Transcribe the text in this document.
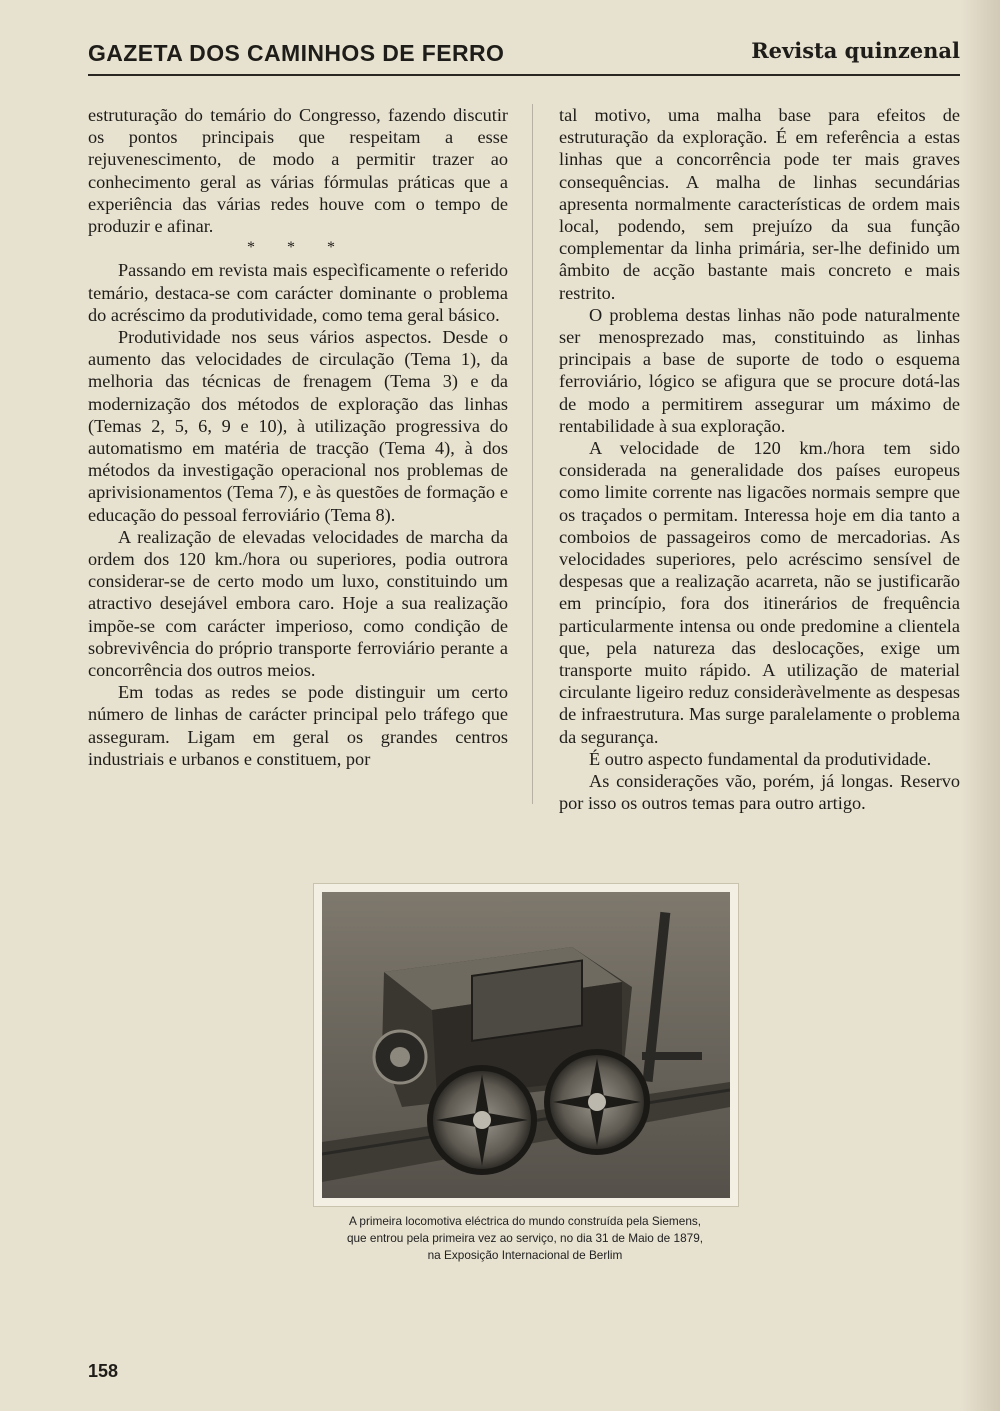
GAZETA DOS CAMINHOS DE FERRO	Revista quinzenal

estruturação do temário do Congresso, fazendo discutir os pontos principais que respeitam a esse rejuvenescimento, de modo a permitir trazer ao conhecimento geral as várias fórmulas práticas que a experiência das várias redes houve com o tempo de produzir e afinar.

* * *

Passando em revista mais especìficamente o referido temário, destaca-se com carácter dominante o problema do acréscimo da produtividade, como tema geral básico.

Produtividade nos seus vários aspectos. Desde o aumento das velocidades de circulação (Tema 1), da melhoria das técnicas de frenagem (Tema 3) e da modernização dos métodos de exploração das linhas (Temas 2, 5, 6, 9 e 10), à utilização progressiva do automatismo em matéria de tracção (Tema 4), à dos métodos da investigação operacional nos problemas de aprivisionamentos (Tema 7), e às questões de formação e educação do pessoal ferroviário (Tema 8).

A realização de elevadas velocidades de marcha da ordem dos 120 km./hora ou superiores, podia outrora considerar-se de certo modo um luxo, constituindo um atractivo desejável embora caro. Hoje a sua realização impõe-se com carácter imperioso, como condição de sobrevivência do próprio transporte ferroviário perante a concorrência dos outros meios.

Em todas as redes se pode distinguir um certo número de linhas de carácter principal pelo tráfego que asseguram. Ligam em geral os grandes centros industriais e urbanos e constituem, por

tal motivo, uma malha base para efeitos de estruturação da exploração. É em referência a estas linhas que a concorrência pode ter mais graves consequências. A malha de linhas secundárias apresenta normalmente características de ordem mais local, podendo, sem prejuízo da sua função complementar da linha primária, ser-lhe definido um âmbito de acção bastante mais concreto e mais restrito.

O problema destas linhas não pode naturalmente ser menosprezado mas, constituindo as linhas principais a base de suporte de todo o esquema ferroviário, lógico se afigura que se procure dotá-las de modo a permitirem assegurar um máximo de rentabilidade à sua exploração.

A velocidade de 120 km./hora tem sido considerada na generalidade dos países europeus como limite corrente nas ligacões normais sempre que os traçados o permitam. Interessa hoje em dia tanto a comboios de passageiros como de mercadorias. As velocidades superiores, pelo acréscimo sensível de despesas que a realização acarreta, não se justificarão em princípio, fora dos itinerários de frequência particularmente intensa ou onde predomine a clientela que, pela natureza das deslocações, exige um transporte muito rápido. A utilização de material circulante ligeiro reduz consideràvelmente as despesas de infraestrutura. Mas surge paralelamente o problema da segurança.

É outro aspecto fundamental da produtividade.

As considerações vão, porém, já longas. Reservo por isso os outros temas para outro artigo.

A primeira locomotiva eléctrica do mundo construída pela Siemens,
que entrou pela primeira vez ao serviço, no dia 31 de Maio de 1879,
na Exposição Internacional de Berlim
158
